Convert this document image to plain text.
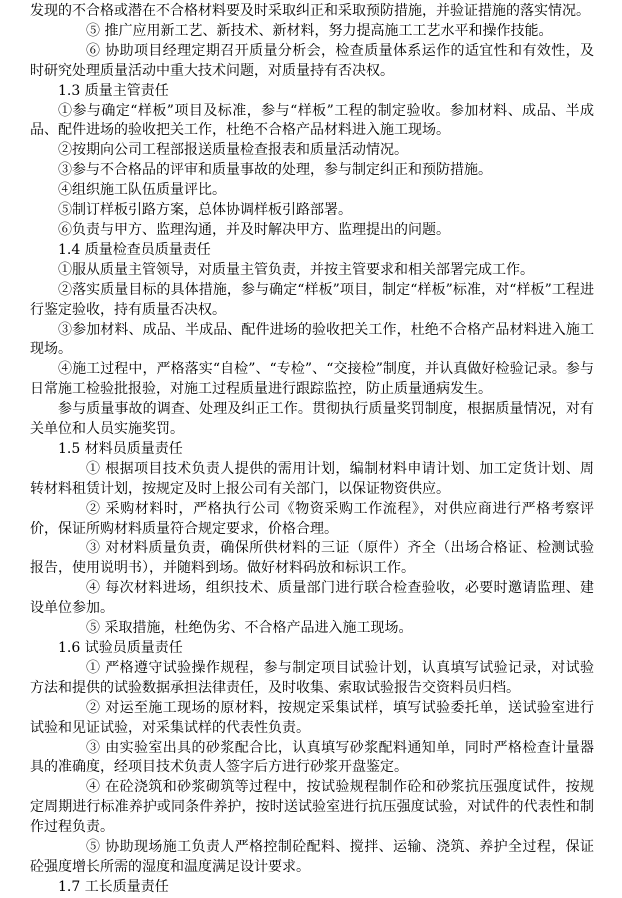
发现的不合格或潜在不合格材料要及时采取纠正和采取预防措施，并验证措施的落实情况。

⑤ 推广应用新工艺、新技术、新材料，努力提高施工工艺水平和操作技能。

⑥ 协助项目经理定期召开质量分析会，检查质量体系运作的适宜性和有效性，及时研究处理质量活动中重大技术问题，对质量持有否决权。

1.3 质量主管责任

①参与确定“样板”项目及标准，参与“样板”工程的制定验收。参加材料、成品、半成品、配件进场的验收把关工作，杜绝不合格产品材料进入施工现场。

②按期向公司工程部报送质量检查报表和质量活动情况。

③参与不合格品的评审和质量事故的处理，参与制定纠正和预防措施。

④组织施工队伍质量评比。

⑤制订样板引路方案，总体协调样板引路部署。

⑥负责与甲方、监理沟通，并及时解决甲方、监理提出的问题。

1.4 质量检查员质量责任

①服从质量主管领导，对质量主管负责，并按主管要求和相关部署完成工作。

②落实质量目标的具体措施，参与确定“样板”项目，制定“样板”标准，对“样板”工程进行鉴定验收，持有质量否决权。

③参加材料、成品、半成品、配件进场的验收把关工作，杜绝不合格产品材料进入施工现场。

④施工过程中，严格落实“自检”、“专检”、“交接检”制度，并认真做好检验记录。参与日常施工检验批报验，对施工过程质量进行跟踪监控，防止质量通病发生。

参与质量事故的调查、处理及纠正工作。贯彻执行质量奖罚制度，根据质量情况，对有关单位和人员实施奖罚。

1.5 材料员质量责任

① 根据项目技术负责人提供的需用计划，编制材料申请计划、加工定货计划、周转材料租赁计划，按规定及时上报公司有关部门，以保证物资供应。

② 采购材料时，严格执行公司《物资采购工作流程》，对供应商进行严格考察评价，保证所购材料质量符合规定要求，价格合理。

③ 对材料质量负责，确保所供材料的三证（原件）齐全（出场合格证、检测试验报告，使用说明书），并随料到场。做好材料码放和标识工作。

④ 每次材料进场，组织技术、质量部门进行联合检查验收，必要时邀请监理、建设单位参加。

⑤ 采取措施，杜绝伪劣、不合格产品进入施工现场。

1.6 试验员质量责任

① 严格遵守试验操作规程，参与制定项目试验计划，认真填写试验记录，对试验方法和提供的试验数据承担法律责任，及时收集、索取试验报告交资料员归档。

② 对运至施工现场的原材料，按规定采集试样，填写试验委托单，送试验室进行试验和见证试验，对采集试样的代表性负责。

③ 由实验室出具的砂浆配合比，认真填写砂浆配料通知单，同时严格检查计量器具的准确度，经项目技术负责人签字后方进行砂浆开盘鉴定。

④ 在砼浇筑和砂浆砌筑等过程中，按试验规程制作砼和砂浆抗压强度试件，按规定周期进行标准养护或同条件养护，按时送试验室进行抗压强度试验，对试件的代表性和制作过程负责。

⑤ 协助现场施工负责人严格控制砼配料、搅拌、运输、浇筑、养护全过程，保证砼强度增长所需的湿度和温度满足设计要求。

1.7 工长质量责任
